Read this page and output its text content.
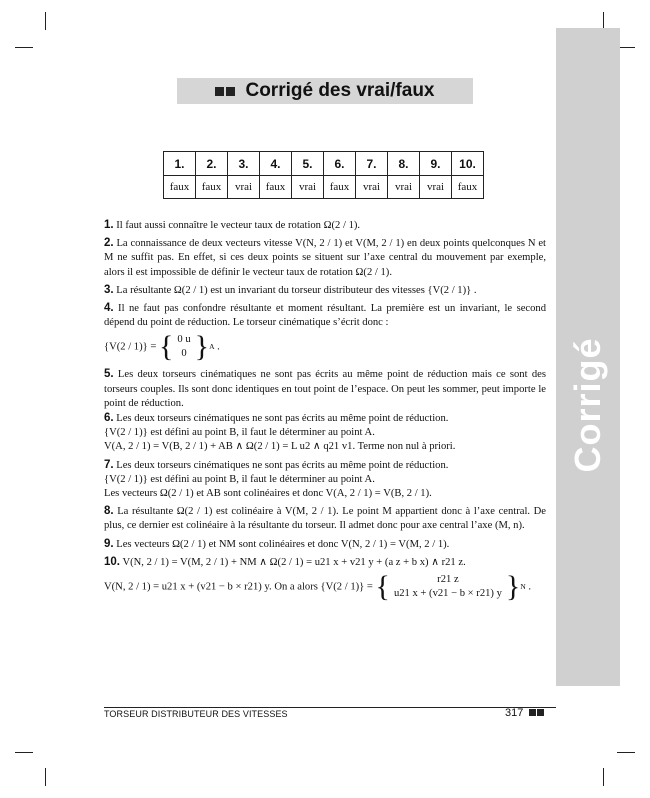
Corrigé
Corrigé des vrai/faux
1.	2.	3.	4.	5.	6.	7.	8.	9.	10.
faux	faux	vrai	faux	vrai	faux	vrai	vrai	vrai	faux

1. Il faut aussi connaître le vecteur taux de rotation Ω(2 / 1).

2. La connaissance de deux vecteurs vitesse V(N, 2 / 1) et V(M, 2 / 1) en deux points quelconques N et M ne suffit pas. En effet, si ces deux points se situent sur l’axe central du mouvement par exemple, alors il est impossible de définir le vecteur taux de rotation Ω(2 / 1).

3. La résultante Ω(2 / 1) est un invariant du torseur distributeur des vitesses {V(2 / 1)} .

4. Il ne faut pas confondre résultante et moment résultant. La première est un invariant, le second dépend du point de réduction. Le torseur cinématique s’écrit donc :

{V(2 / 1)} = { 0 u
0 } A .

5. Les deux torseurs cinématiques ne sont pas écrits au même point de réduction mais ce sont des torseurs couples. Ils sont donc identiques en tout point de l’espace. On peut les sommer, peut importe le point de réduction.

6. Les deux torseurs cinématiques ne sont pas écrits au même point de réduction.
{V(2 / 1)} est défini au point B, il faut le déterminer au point A.
V(A, 2 / 1) = V(B, 2 / 1) + AB ∧ Ω(2 / 1) = L u2 ∧ q21 v1. Terme non nul à priori.

7. Les deux torseurs cinématiques ne sont pas écrits au même point de réduction.
{V(2 / 1)} est défini au point B, il faut le déterminer au point A.
Les vecteurs Ω(2 / 1) et AB sont colinéaires et donc V(A, 2 / 1) = V(B, 2 / 1).

8. La résultante Ω(2 / 1) est colinéaire à V(M, 2 / 1). Le point M appartient donc à l’axe central. De plus, ce dernier est colinéaire à la résultante du torseur. Il admet donc pour axe central l’axe (M, n).

9. Les vecteurs Ω(2 / 1) et NM sont colinéaires et donc V(N, 2 / 1) = V(M, 2 / 1).

10. V(N, 2 / 1) = V(M, 2 / 1) + NM ∧ Ω(2 / 1) = u21 x + v21 y + (a z + b x) ∧ r21 z.
V(N, 2 / 1) = u21 x + (v21 − b × r21) y. On a alors {V(2 / 1)} = {	r21 z
u21 x + (v21 − b × r21) y } N .

TORSEUR DISTRIBUTEUR DES VITESSES	317
